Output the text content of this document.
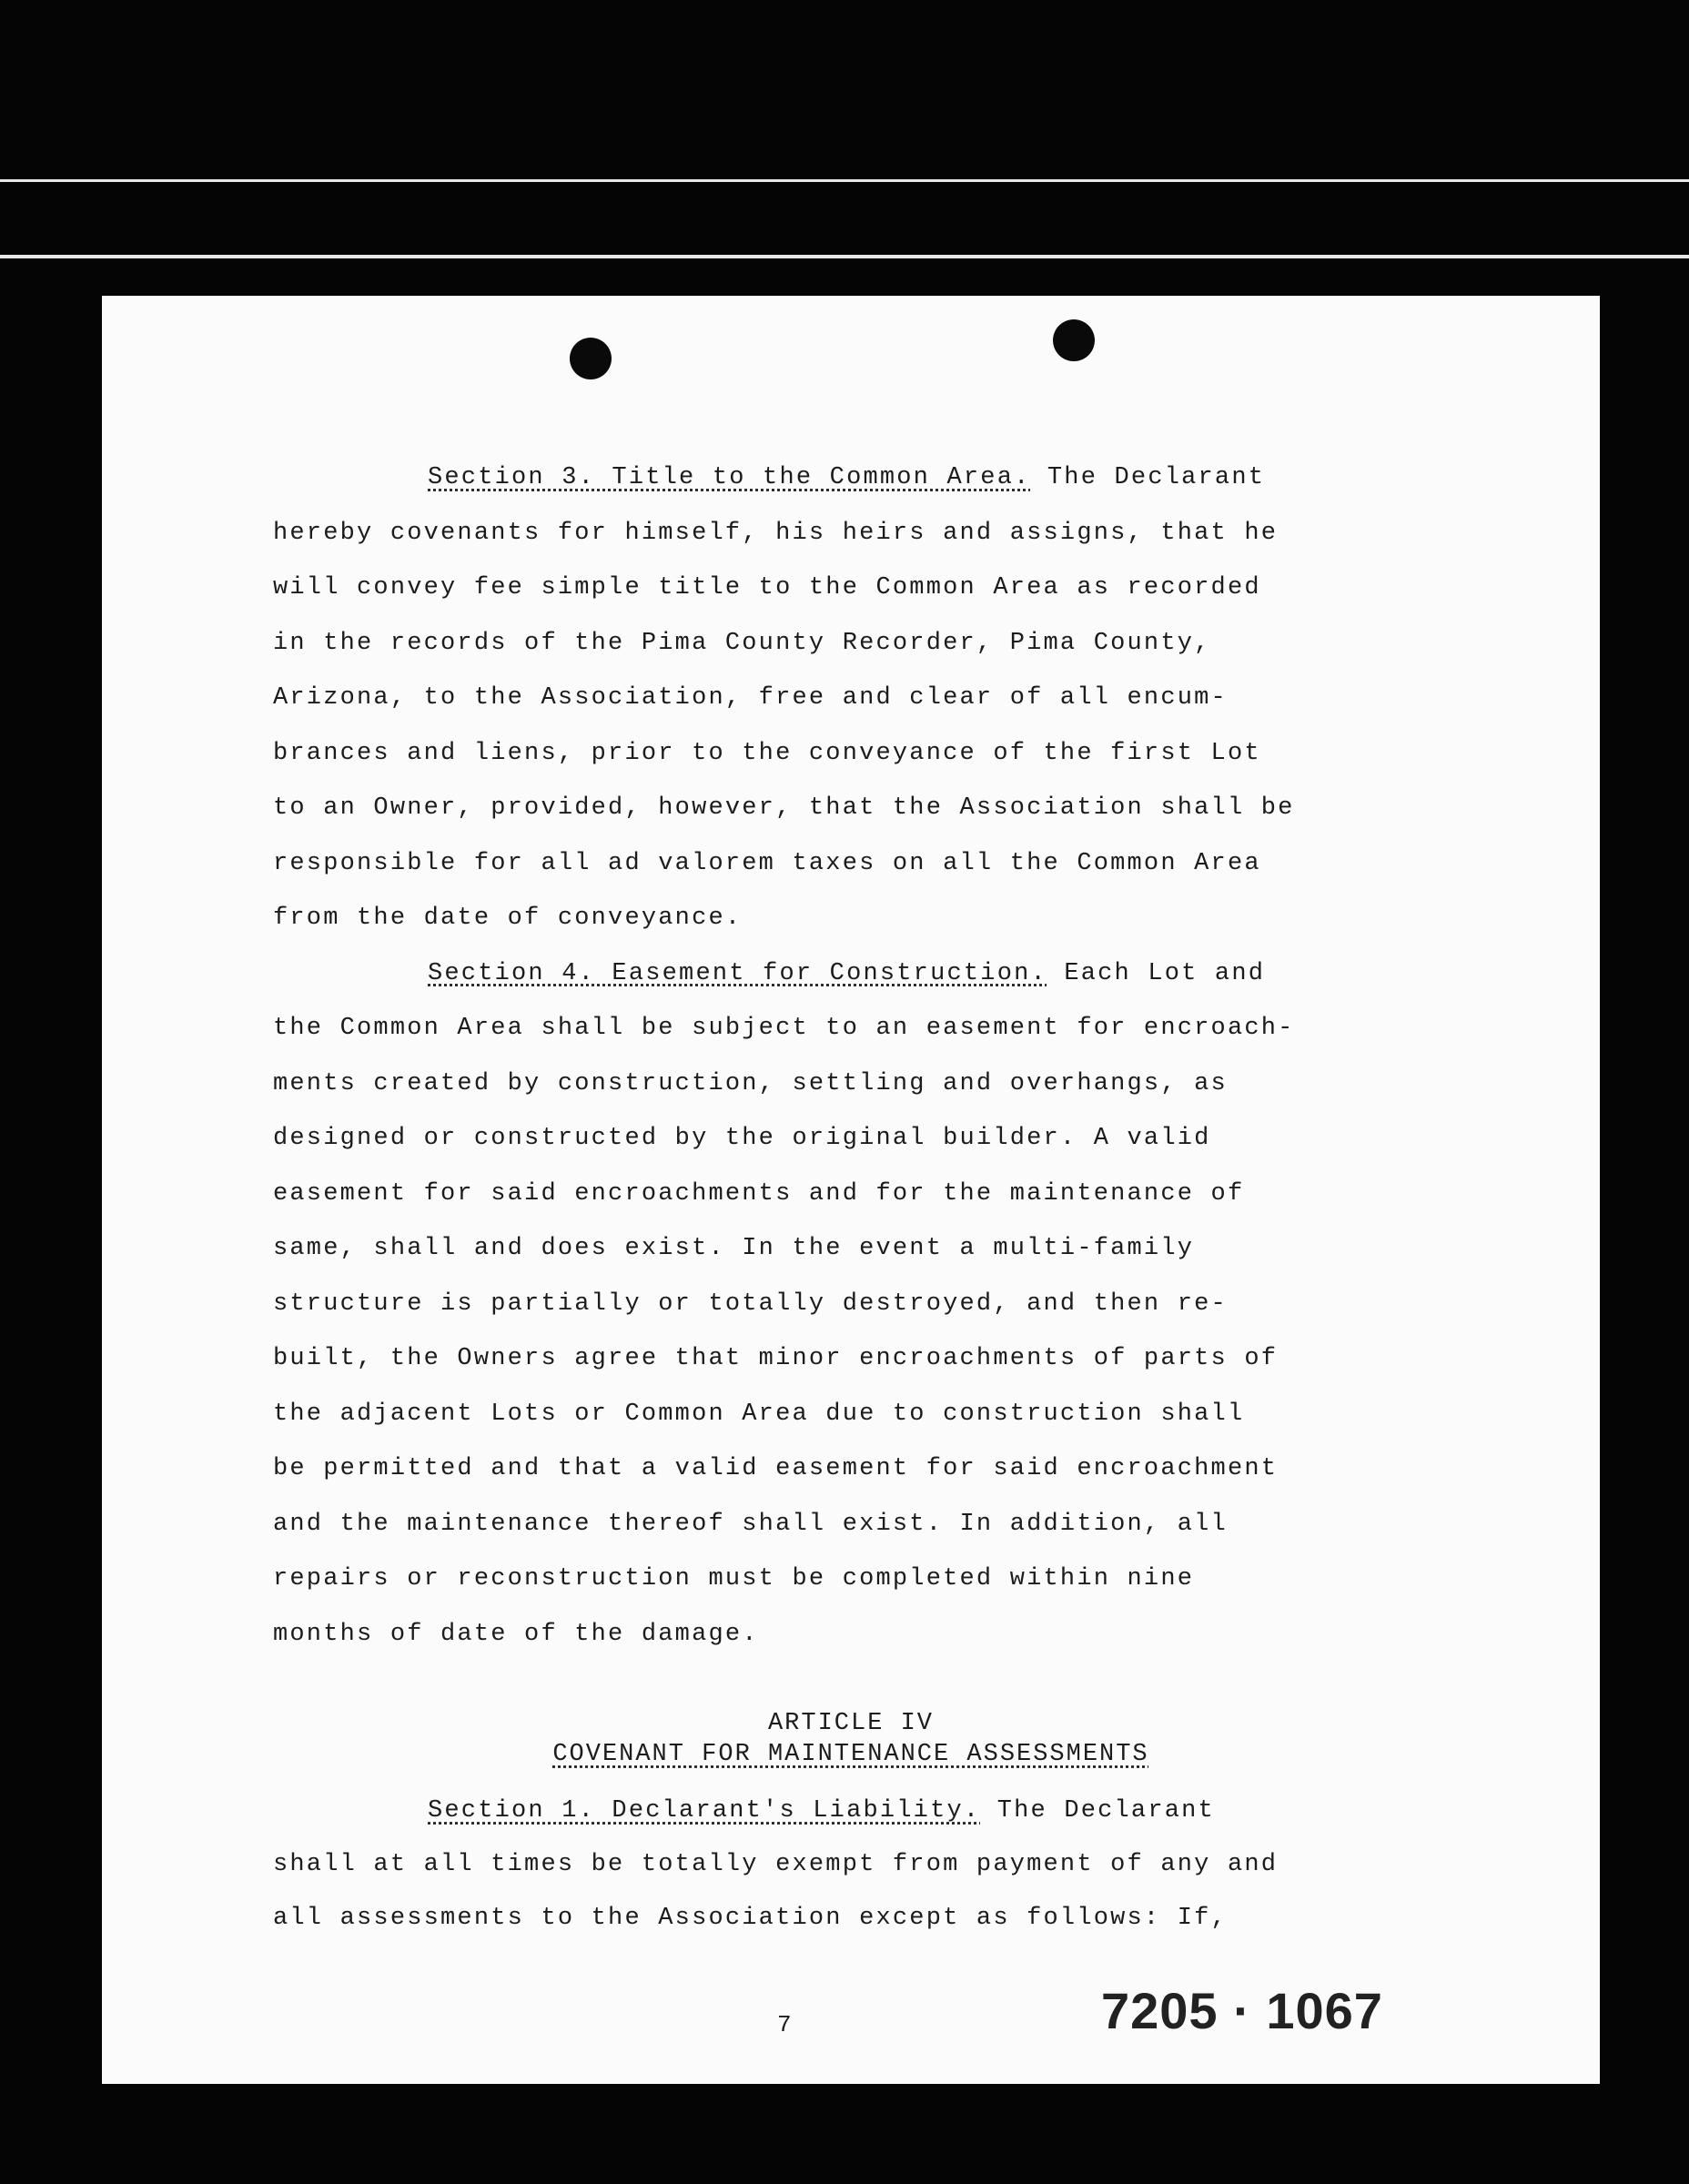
Section 3. Title to the Common Area. The Declarant
hereby covenants for himself, his heirs and assigns, that he
will convey fee simple title to the Common Area as recorded
in the records of the Pima County Recorder, Pima County,
Arizona, to the Association, free and clear of all encum-
brances and liens, prior to the conveyance of the first Lot
to an Owner, provided, however, that the Association shall be
responsible for all ad valorem taxes on all the Common Area
from the date of conveyance.

Section 4. Easement for Construction. Each Lot and
the Common Area shall be subject to an easement for encroach-
ments created by construction, settling and overhangs, as
designed or constructed by the original builder. A valid
easement for said encroachments and for the maintenance of
same, shall and does exist. In the event a multi-family
structure is partially or totally destroyed, and then re-
built, the Owners agree that minor encroachments of parts of
the adjacent Lots or Common Area due to construction shall
be permitted and that a valid easement for said encroachment
and the maintenance thereof shall exist. In addition, all
repairs or reconstruction must be completed within nine
months of date of the damage.

ARTICLE IV
COVENANT FOR MAINTENANCE ASSESSMENTS
Section 1. Declarant's Liability. The Declarant
shall at all times be totally exempt from payment of any and
all assessments to the Association except as follows: If,
7	7205 · 1067
